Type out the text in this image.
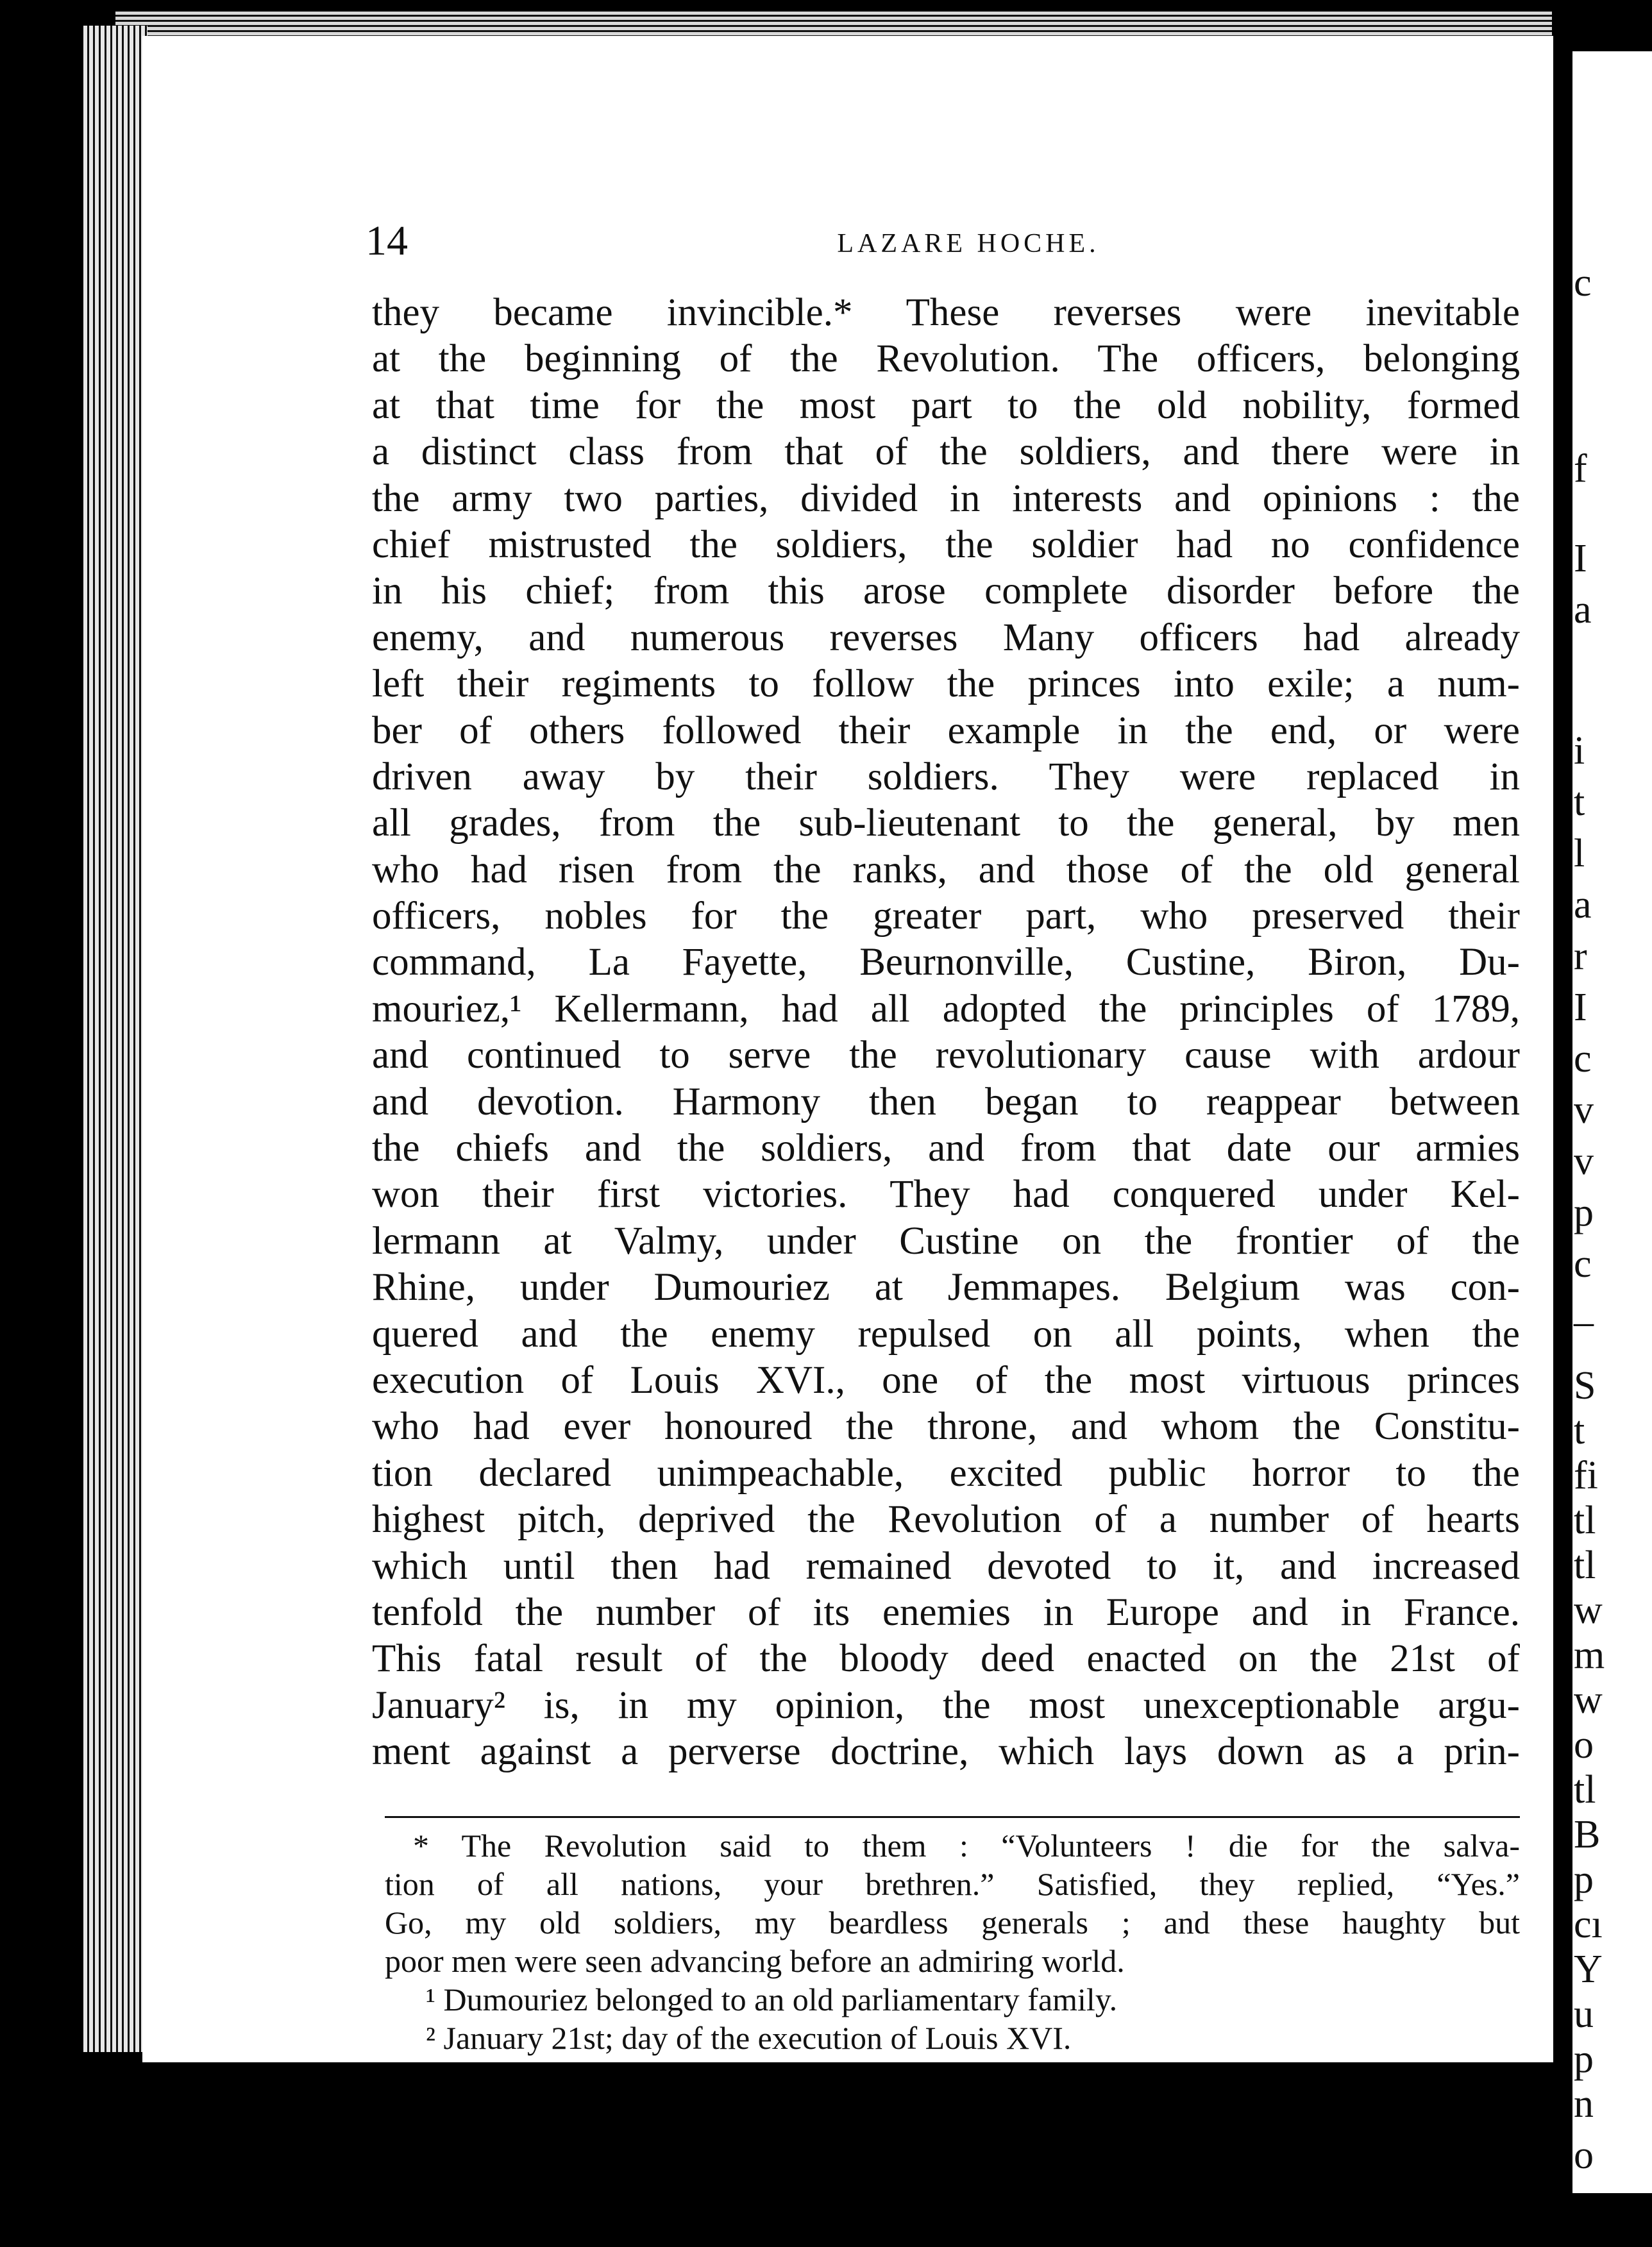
c
f
I
a
i
t
l
a
r
I
c
v
v
p
c
–
S
t
fi
tl
tl
w
m
w
o
tl
B
p
cı
Y
u
p
n
o
14	LAZARE HOCHE.
they became invincible.* These reverses were inevitable
at the beginning of the Revolution. The officers, belonging
at that time for the most part to the old nobility, formed
a distinct class from that of the soldiers, and there were in
the army two parties, divided in interests and opinions : the
chief mistrusted the soldiers, the soldier had no confidence
in his chief; from this arose complete disorder before the
enemy, and numerous reverses Many officers had already
left their regiments to follow the princes into exile; a num-
ber of others followed their example in the end, or were
driven away by their soldiers. They were replaced in
all grades, from the sub-lieutenant to the general, by men
who had risen from the ranks, and those of the old general
officers, nobles for the greater part, who preserved their
command, La Fayette, Beurnonville, Custine, Biron, Du-
mouriez,¹ Kellermann, had all adopted the principles of 1789,
and continued to serve the revolutionary cause with ardour
and devotion. Harmony then began to reappear between
the chiefs and the soldiers, and from that date our armies
won their first victories. They had conquered under Kel-
lermann at Valmy, under Custine on the frontier of the
Rhine, under Dumouriez at Jemmapes. Belgium was con-
quered and the enemy repulsed on all points, when the
execution of Louis XVI., one of the most virtuous princes
who had ever honoured the throne, and whom the Constitu-
tion declared unimpeachable, excited public horror to the
highest pitch, deprived the Revolution of a number of hearts
which until then had remained devoted to it, and increased
tenfold the number of its enemies in Europe and in France.
This fatal result of the bloody deed enacted on the 21st of
January² is, in my opinion, the most unexceptionable argu-
ment against a perverse doctrine, which lays down as a prin-
* The Revolution said to them : “Volunteers ! die for the salva-
tion of all nations, your brethren.” Satisfied, they replied, “Yes.”
Go, my old soldiers, my beardless generals ; and these haughty but
poor men were seen advancing before an admiring world.
¹ Dumouriez belonged to an old parliamentary family.
² January 21st; day of the execution of Louis XVI.
